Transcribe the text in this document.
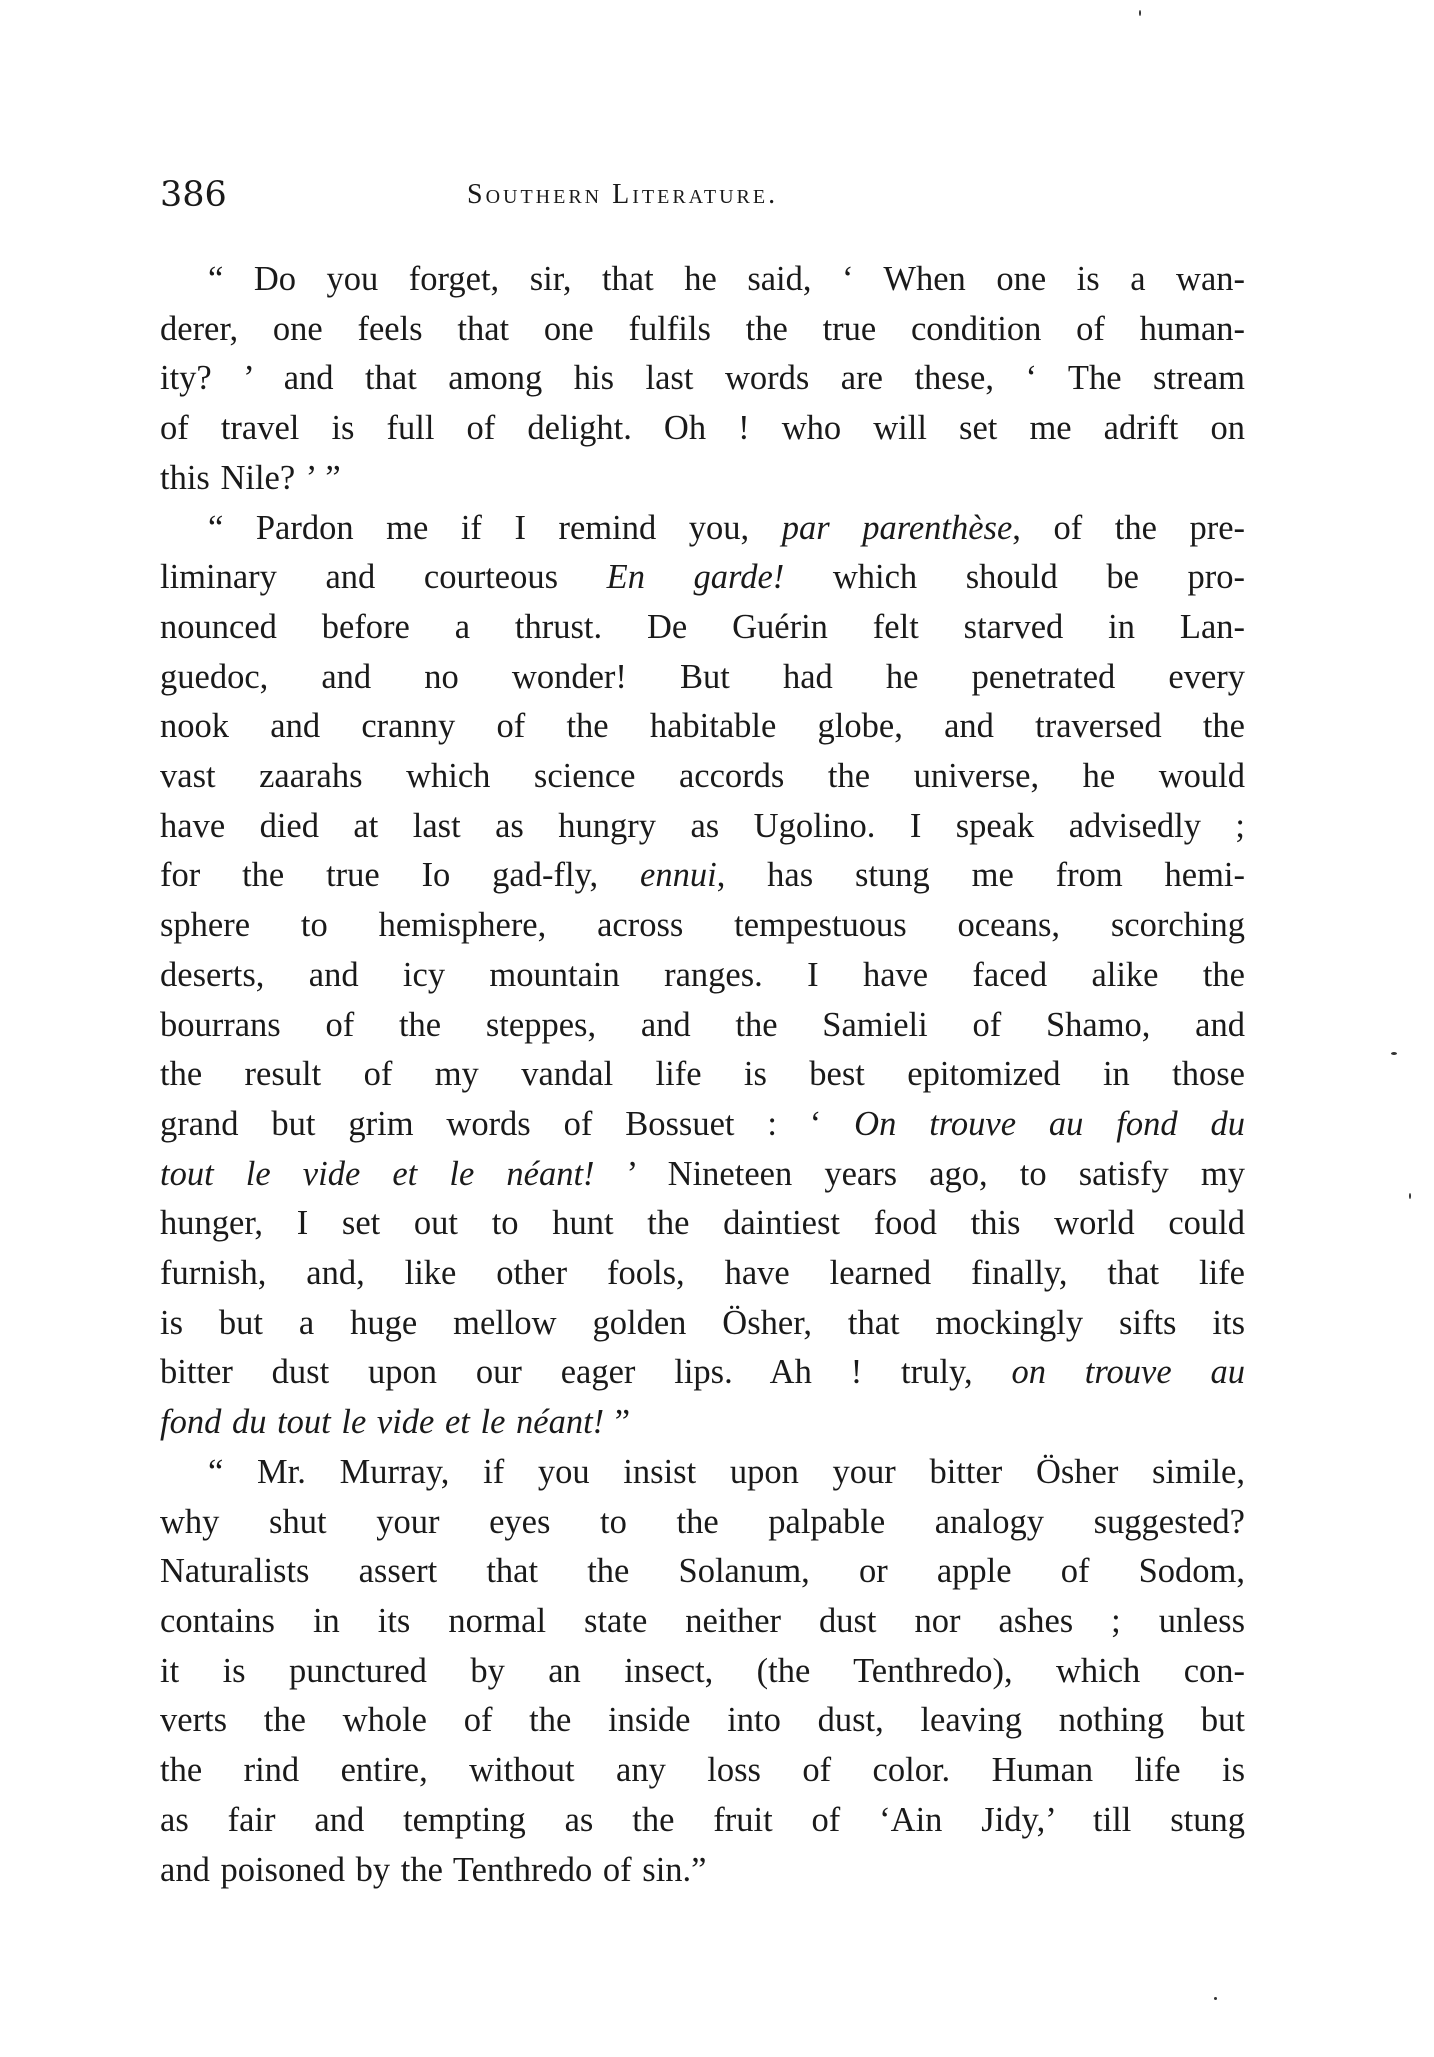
386	Southern Literature.

“ Do you forget, sir, that he said, ‘ When one is a wan-
derer, one feels that one fulfils the true condition of human-
ity? ’ and that among his last words are these, ‘ The stream
of travel is full of delight. Oh ! who will set me adrift on
this Nile? ’ ”

“ Pardon me if I remind you, par parenthèse, of the pre-
liminary and courteous En garde! which should be pro-
nounced before a thrust. De Guérin felt starved in Lan-
guedoc, and no wonder! But had he penetrated every
nook and cranny of the habitable globe, and traversed the
vast zaarahs which science accords the universe, he would
have died at last as hungry as Ugolino. I speak advisedly ;
for the true Io gad-fly, ennui, has stung me from hemi-
sphere to hemisphere, across tempestuous oceans, scorching
deserts, and icy mountain ranges. I have faced alike the
bourrans of the steppes, and the Samieli of Shamo, and
the result of my vandal life is best epitomized in those
grand but grim words of Bossuet : ‘ On trouve au fond du
tout le vide et le néant! ’ Nineteen years ago, to satisfy my
hunger, I set out to hunt the daintiest food this world could
furnish, and, like other fools, have learned finally, that life
is but a huge mellow golden Ösher, that mockingly sifts its
bitter dust upon our eager lips. Ah ! truly, on trouve au
fond du tout le vide et le néant! ”

“ Mr. Murray, if you insist upon your bitter Ösher simile,
why shut your eyes to the palpable analogy suggested?
Naturalists assert that the Solanum, or apple of Sodom,
contains in its normal state neither dust nor ashes ; unless
it is punctured by an insect, (the Tenthredo), which con-
verts the whole of the inside into dust, leaving nothing but
the rind entire, without any loss of color. Human life is
as fair and tempting as the fruit of ‘Ain Jidy,’ till stung
and poisoned by the Tenthredo of sin.”
